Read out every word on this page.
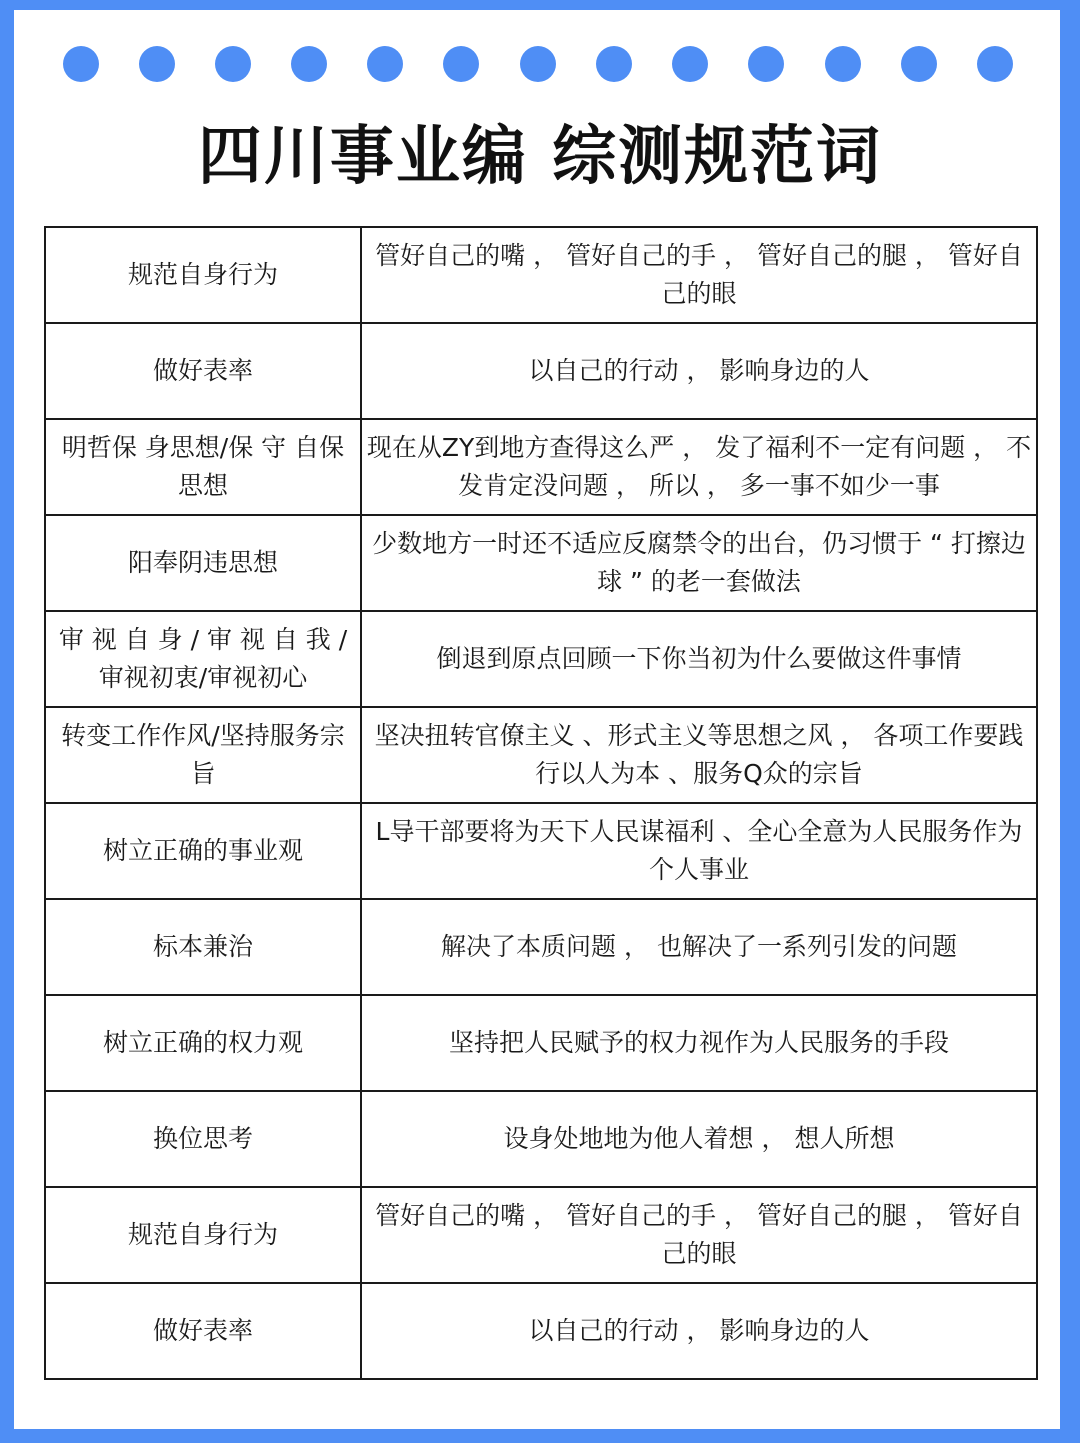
四川事业编 综测规范词
规范自身行为	管好自己的嘴 ， 管好自己的手 ， 管好自己的腿 ， 管好自己的眼
做好表率	以自己的行动 ， 影响身边的人
明哲保 身思想/保 守 自保思想	现在从ZY到地方查得这么严 ， 发了福利不一定有问题 ， 不发肯定没问题 ， 所以 ， 多一事不如少一事
阳奉阴违思想	少数地方一时还不适应反腐禁令的出台，仍习惯于 “ 打擦边球 ” 的老一套做法
审 视 自 身 / 审 视 自 我 / 审视初衷/审视初心	倒退到原点回顾一下你当初为什么要做这件事情
转变工作作风/坚持服务宗旨	坚决扭转官僚主义 、形式主义等思想之风 ， 各项工作要践行以人为本 、服务Q众的宗旨
树立正确的事业观	L导干部要将为天下人民谋福利 、全心全意为人民服务作为个人事业
标本兼治	解决了本质问题 ， 也解决了一系列引发的问题
树立正确的权力观	坚持把人民赋予的权力视作为人民服务的手段
换位思考	设身处地地为他人着想 ， 想人所想
规范自身行为	管好自己的嘴 ， 管好自己的手 ， 管好自己的腿 ， 管好自己的眼
做好表率	以自己的行动 ， 影响身边的人
